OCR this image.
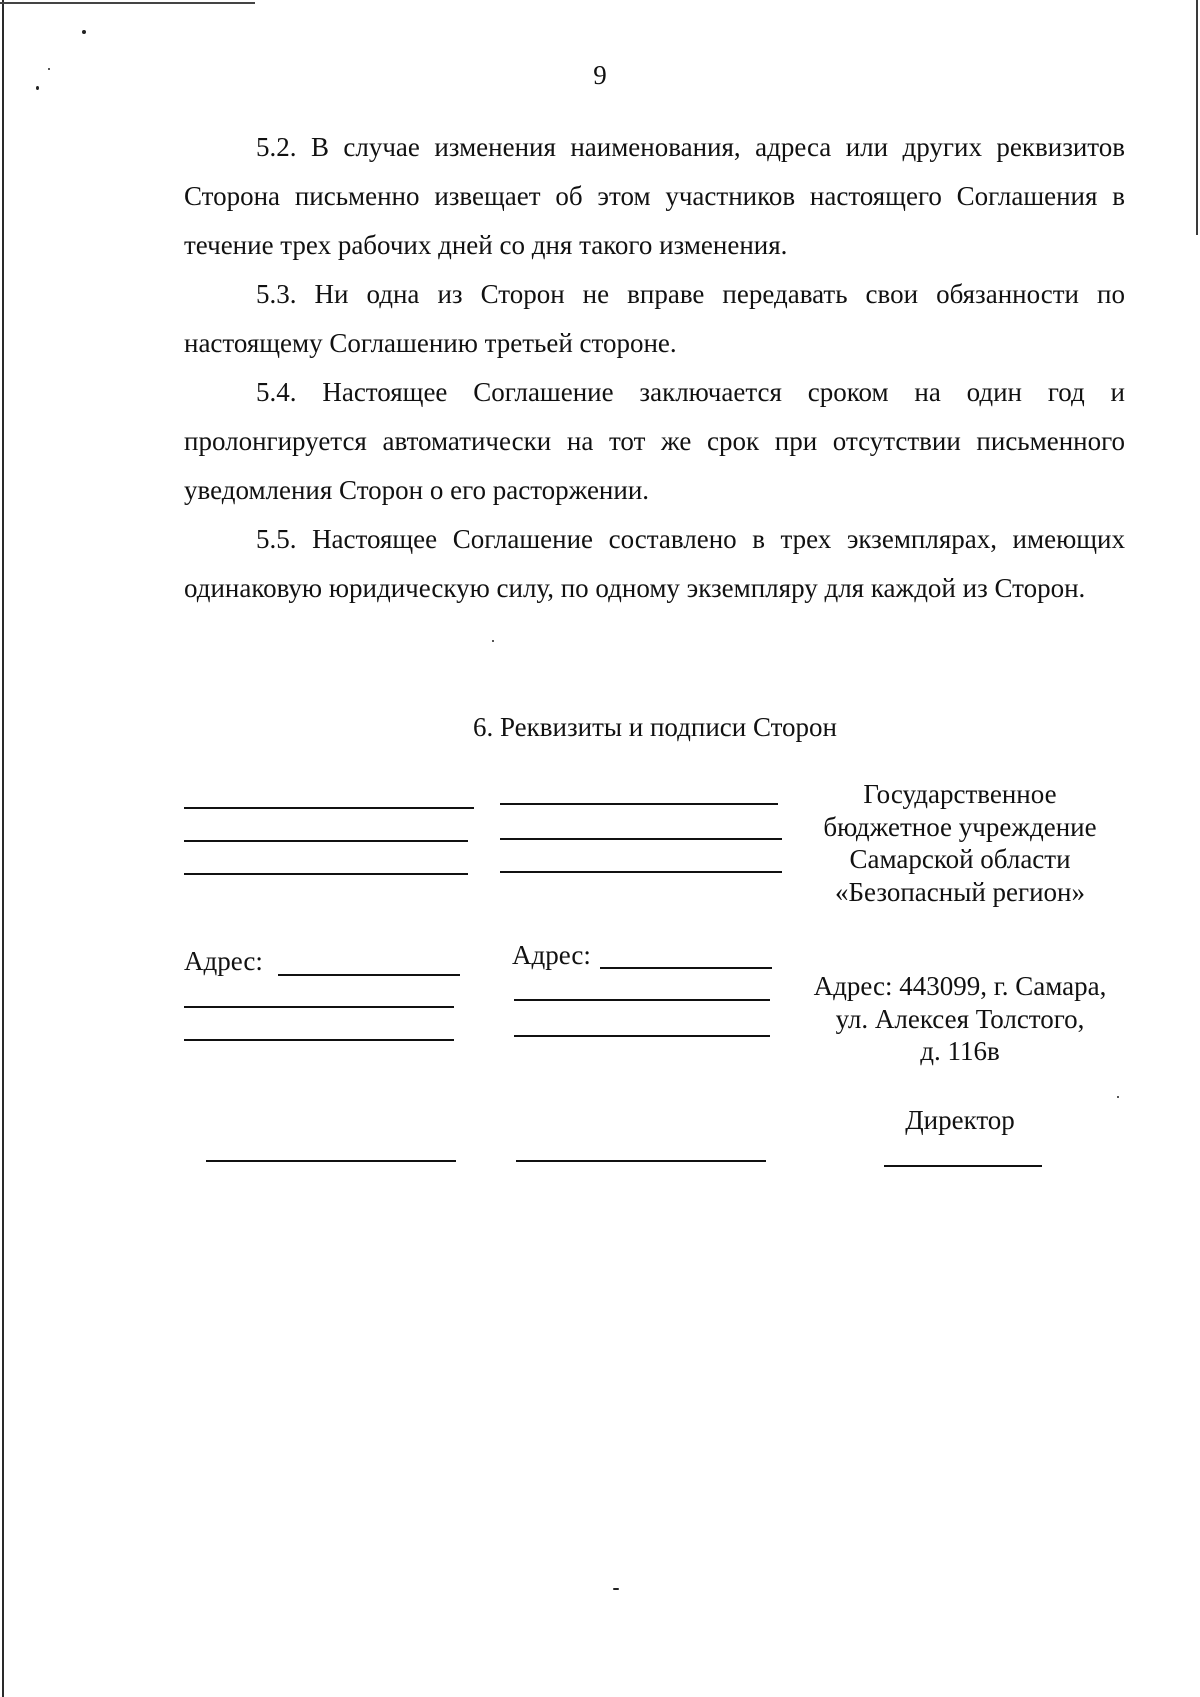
9

5.2. В случае изменения наименования, адреса или других реквизитов Сторона письменно извещает об этом участников настоящего Соглашения в течение трех рабочих дней со дня такого изменения.

5.3. Ни одна из Сторон не вправе передавать свои обязанности по настоящему Соглашению третьей стороне.

5.4. Настоящее Соглашение заключается сроком на один год и пролонгируется автоматически на тот же срок при отсутствии письменного уведомления Сторон о его расторжении.

5.5. Настоящее Соглашение составлено в трех экземплярах, имеющих одинаковую юридическую силу, по одному экземпляру для каждой из Сторон.

6. Реквизиты и подписи Сторон
Адрес:	Адрес:
Государственное
бюджетное учреждение
Самарской области
«Безопасный регион»
Адрес: 443099, г. Самара,
ул. Алексея Толстого,
д. 116в
Директор
